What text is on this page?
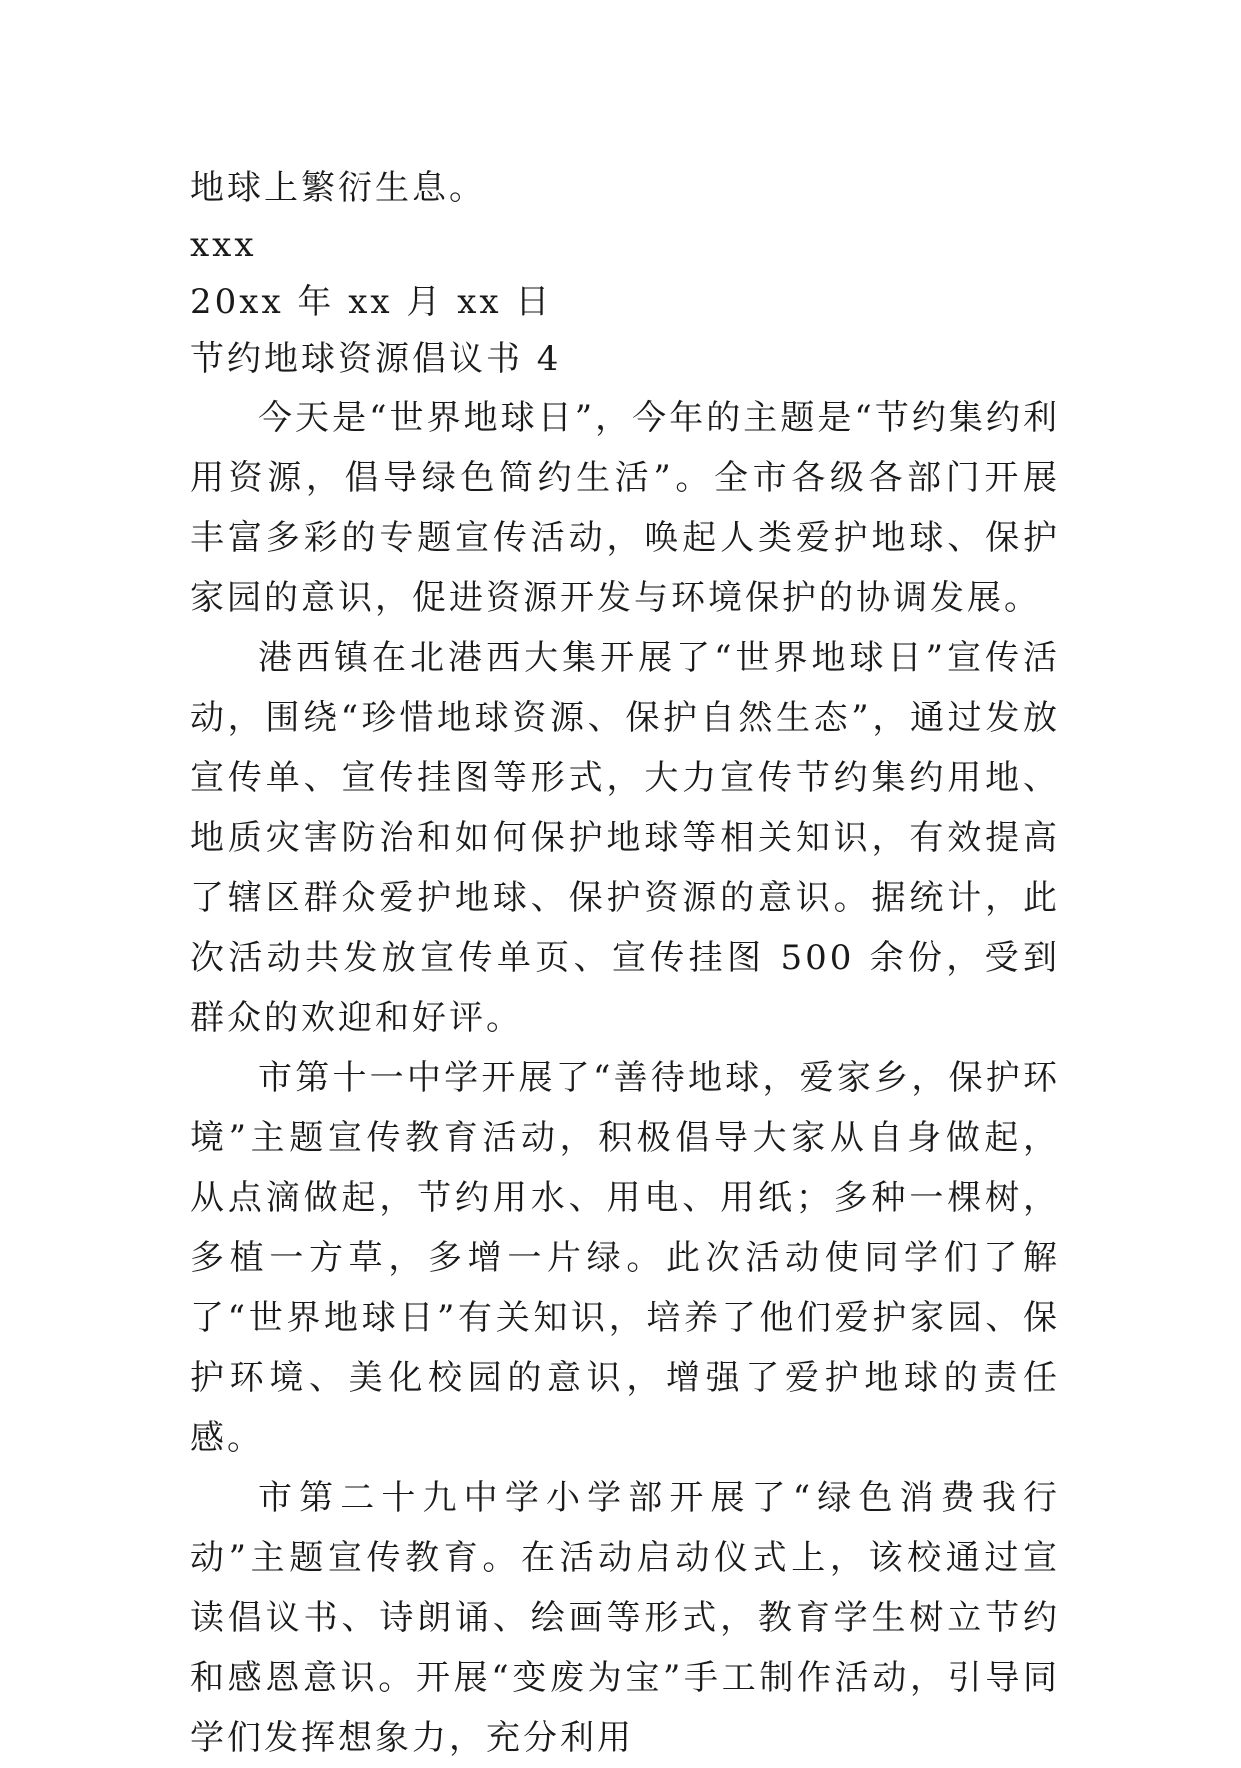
地球上繁衍生息。

xxx

20xx 年 xx 月 xx 日

节约地球资源倡议书 4

今天是“世界地球日”，今年的主题是“节约集约利用资源，倡导绿色简约生活”。全市各级各部门开展丰富多彩的专题宣传活动，唤起人类爱护地球、保护家园的意识，促进资源开发与环境保护的协调发展。

港西镇在北港西大集开展了“世界地球日”宣传活动，围绕“珍惜地球资源、保护自然生态”，通过发放宣传单、宣传挂图等形式，大力宣传节约集约用地、地质灾害防治和如何保护地球等相关知识，有效提高了辖区群众爱护地球、保护资源的意识。据统计，此次活动共发放宣传单页、宣传挂图 500 余份，受到群众的欢迎和好评。

市第十一中学开展了“善待地球，爱家乡，保护环境”主题宣传教育活动，积极倡导大家从自身做起，从点滴做起，节约用水、用电、用纸；多种一棵树，多植一方草，多增一片绿。此次活动使同学们了解了“世界地球日”有关知识，培养了他们爱护家园、保护环境、美化校园的意识，增强了爱护地球的责任感。

市第二十九中学小学部开展了“绿色消费我行动”主题宣传教育。在活动启动仪式上，该校通过宣读倡议书、诗朗诵、绘画等形式，教育学生树立节约和感恩意识。开展“变废为宝”手工制作活动，引导同学们发挥想象力，充分利用
